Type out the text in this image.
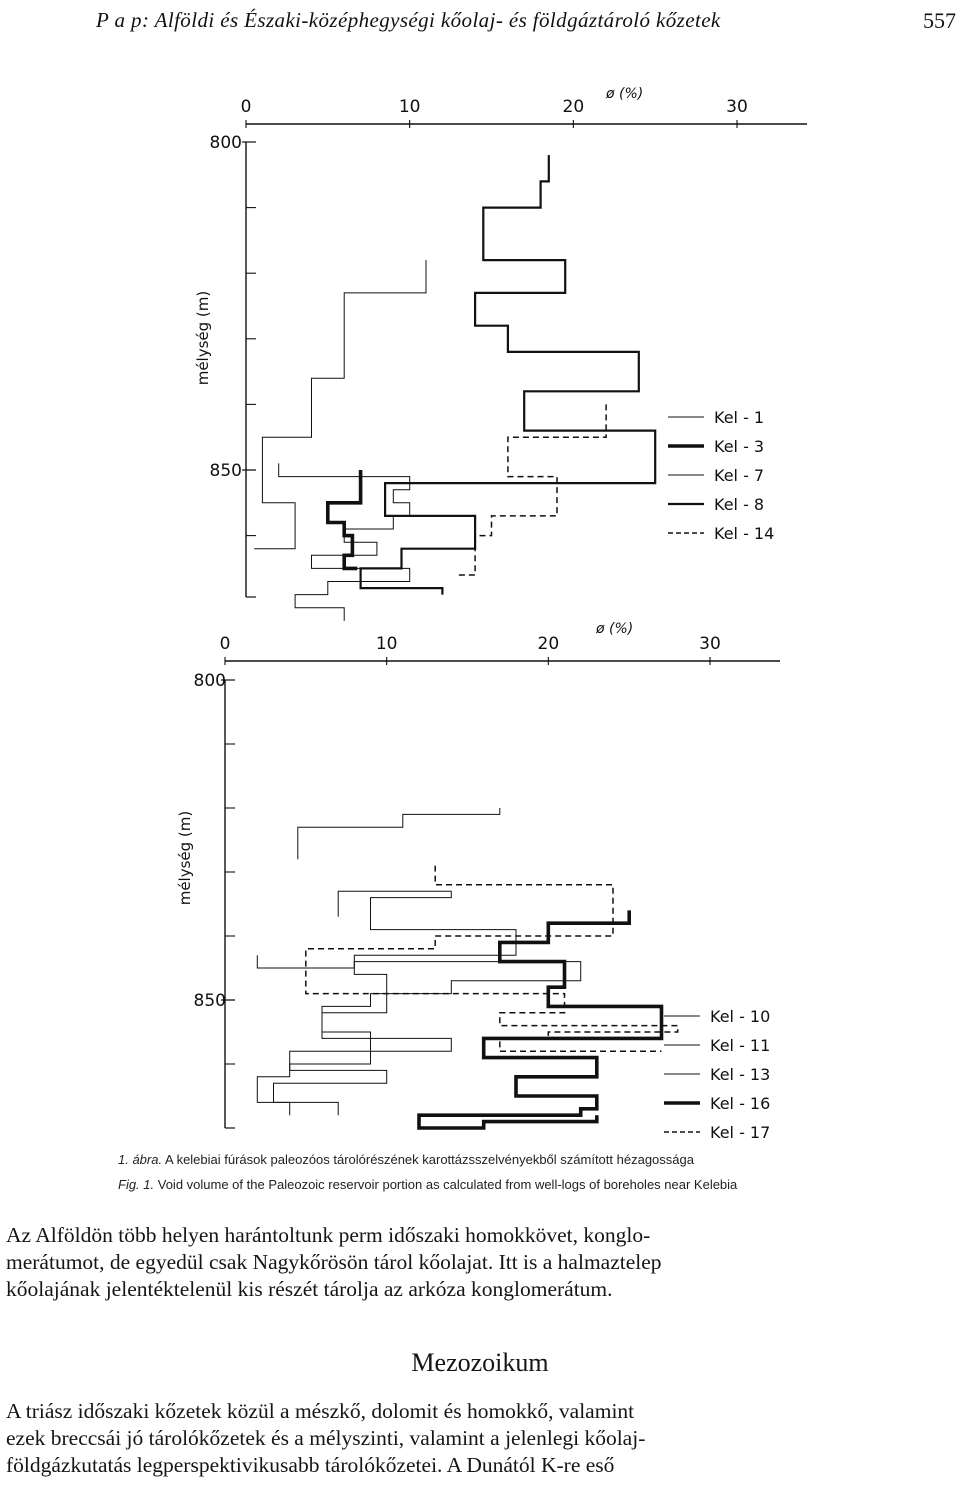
P a p: Alföldi és Északi-középhegységi kőolaj- és földgáztároló kőzetek	557
0	10	20	30
800
850
ø (%)
mélység (m)
Kel - 1
Kel - 3
Kel - 7
Kel - 8
Kel - 14
0	10	20	30
800
850
ø (%)
mélység (m)
Kel - 10
Kel - 11
Kel - 13
Kel - 16
Kel - 17
1. ábra. A kelebiai fúrások paleozóos tárolórészének karottázsszelvényekből számított hézagossága
Fig. 1. Void volume of the Paleozoic reservoir portion as calculated from well-logs of boreholes near Kelebia
Az Alföldön több helyen harántoltunk perm időszaki homokkövet, konglo-
merátumot, de egyedül csak Nagykőrösön tárol kőolajat. Itt is a halmaztelep
kőolajának jelentéktelenül kis részét tárolja az arkóza konglomerátum.
Mezozoikum
A triász időszaki kőzetek közül a mészkő, dolomit és homokkő, valamint
ezek breccsái jó tárolókőzetek és a mélyszinti, valamint a jelenlegi kőolaj-
földgázkutatás legperspektivikusabb tárolókőzetei. A Dunától K-re eső
